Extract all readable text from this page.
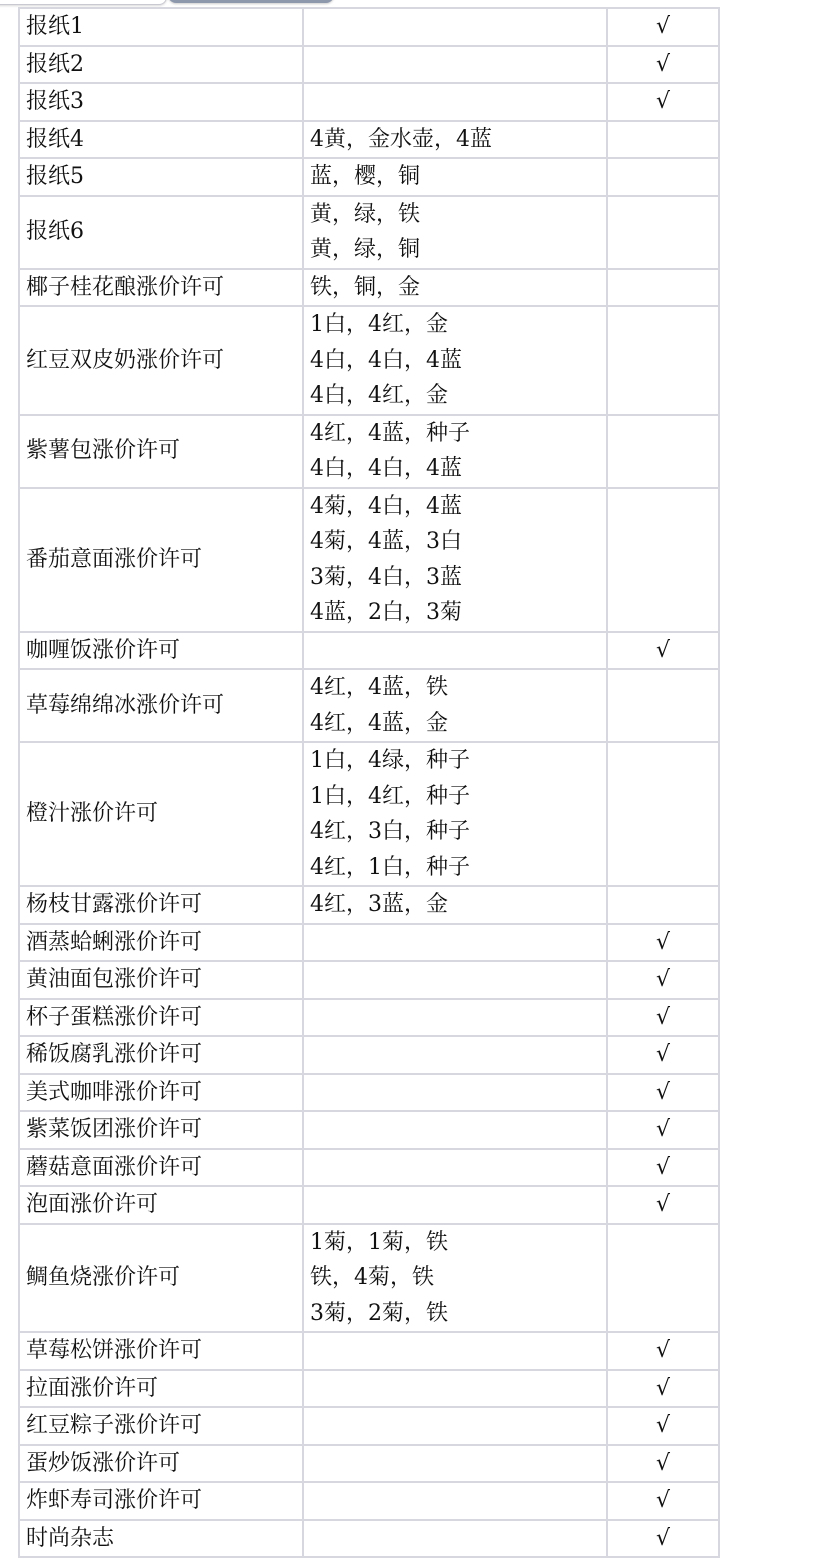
报纸1		√
报纸2		√
报纸3		√
报纸4	4黄，金水壶，4蓝	

报纸5	蓝，樱，铜	

报纸6	黄，绿，铁
黄，绿，铜	

椰子桂花酿涨价许可	铁，铜，金	

红豆双皮奶涨价许可	1白，4红，金
4白，4白，4蓝
4白，4红，金	

紫薯包涨价许可	4红，4蓝，种子
4白，4白，4蓝	

番茄意面涨价许可	4菊，4白，4蓝
4菊，4蓝，3白
3菊，4白，3蓝
4蓝，2白，3菊	

咖喱饭涨价许可		√
草莓绵绵冰涨价许可	4红，4蓝，铁
4红，4蓝，金	

橙汁涨价许可	1白，4绿，种子
1白，4红，种子
4红，3白，种子
4红，1白，种子	

杨枝甘露涨价许可	4红，3蓝，金	

酒蒸蛤蜊涨价许可		√
黄油面包涨价许可		√
杯子蛋糕涨价许可		√
稀饭腐乳涨价许可		√
美式咖啡涨价许可		√
紫菜饭团涨价许可		√
蘑菇意面涨价许可		√
泡面涨价许可		√
鲷鱼烧涨价许可	1菊，1菊，铁
铁，4菊，铁
3菊，2菊，铁	

草莓松饼涨价许可		√
拉面涨价许可		√
红豆粽子涨价许可		√
蛋炒饭涨价许可		√
炸虾寿司涨价许可		√
时尚杂志		√
